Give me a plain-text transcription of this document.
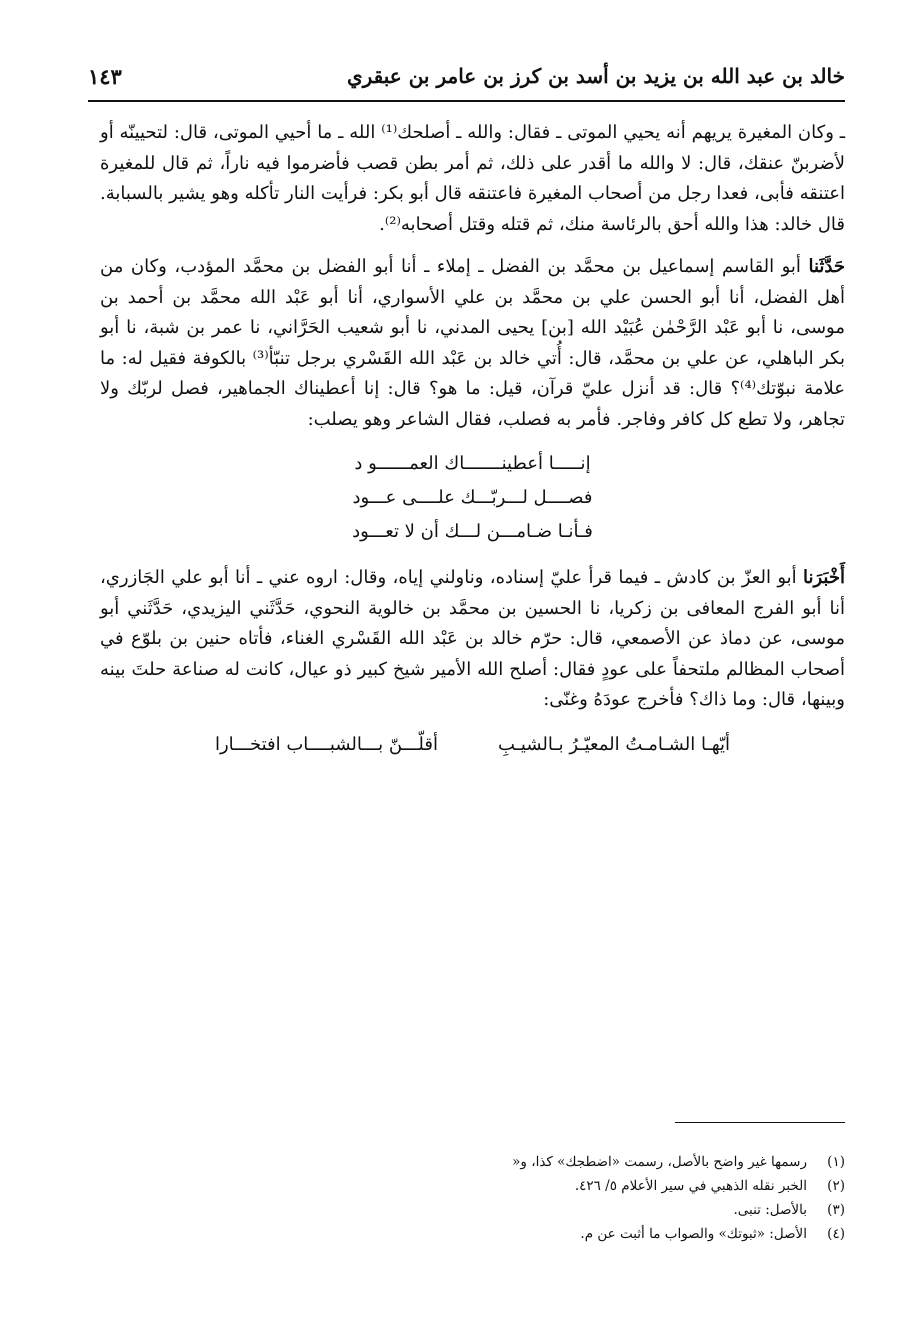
خالد بن عبد الله بن يزيد بن أسد بن كرز بن عامر بن عبقري
١٤٣

ـ وكان المغيرة يريهم أنه يحيي الموتى ـ فقال: والله ـ أصلحك⁽¹⁾ الله ـ ما أحيي الموتى، قال: لتحيينّه أو لأضربنّ عنقك، قال: لا والله ما أقدر على ذلك، ثم أمر بطن قصب فأضرموا فيه ناراً، ثم قال للمغيرة اعتنقه فأبى، فعدا رجل من أصحاب المغيرة فاعتنقه قال أبو بكر: فرأيت النار تأكله وهو يشير بالسبابة. قال خالد: هذا والله أحق بالرئاسة منك، ثم قتله وقتل أصحابه⁽²⁾.

حَدَّثَنا أبو القاسم إسماعيل بن محمَّد بن الفضل ـ إملاء ـ أنا أبو الفضل بن محمَّد المؤدب، وكان من أهل الفضل، أنا أبو الحسن علي بن محمَّد بن علي الأسواري، أنا أبو عَبْد الله محمَّد بن أحمد بن موسى، نا أبو عَبْد الرَّحْمٰن عُبَيْد الله [بن] يحيى المدني، نا أبو شعيب الحَرَّاني، نا عمر بن شبة، نا أبو بكر الباهلي، عن علي بن محمَّد، قال: أُتي خالد بن عَبْد الله القَسْري برجل تنبّأ⁽³⁾ بالكوفة فقيل له: ما علامة نبوّتك⁽⁴⁾؟ قال: قد أنزل عليّ قرآن، قيل: ما هو؟ قال: إنا أعطيناك الجماهير، فصل لربّك ولا تجاهر، ولا تطع كل كافر وفاجر. فأمر به فصلب، فقال الشاعر وهو يصلب:

إنـــــا أعطينـــــــاك العمــــــو د
فصــــل لـــربّـــك علــــى عـــود
فـأنـا ضـامـــن لـــك أن لا تعـــود

أَخْبَرَنا أبو العزّ بن كادش ـ فيما قرأ عليّ إسناده، وناولني إياه، وقال: اروه عني ـ أنا أبو علي الجَازري، أنا أبو الفرج المعافى بن زكريا، نا الحسين بن محمَّد بن خالوية النحوي، حَدَّثَني اليزيدي، حَدَّثَني أبو موسى، عن دماذ عن الأصمعي، قال: حرّم خالد بن عَبْد الله القَسْري الغناء، فأتاه حنين بن بلوّع في أصحاب المظالم ملتحفاً على عودٍ فقال: أصلح الله الأمير شيخ كبير ذو عيال، كانت له صناعة حلتَ بينه وبينها، قال: وما ذاك؟ فأخرج عودَهُ وغنّى:

أيّهـا الشـامـتُ المعيّـرُ بـالشيـبِ
أقلّـــنّ بـــالشبــــاب افتخـــارا
(١)
رسمها غير واضح بالأصل، رسمت «اضطجك» كذا، و«
(٢)
الخبر نقله الذهبي في سير الأعلام ٥/ ٤٢٦.
(٣)
بالأصل: تنبى.
(٤)
الأصل: «ثبوتك» والصواب ما أثبت عن م.
